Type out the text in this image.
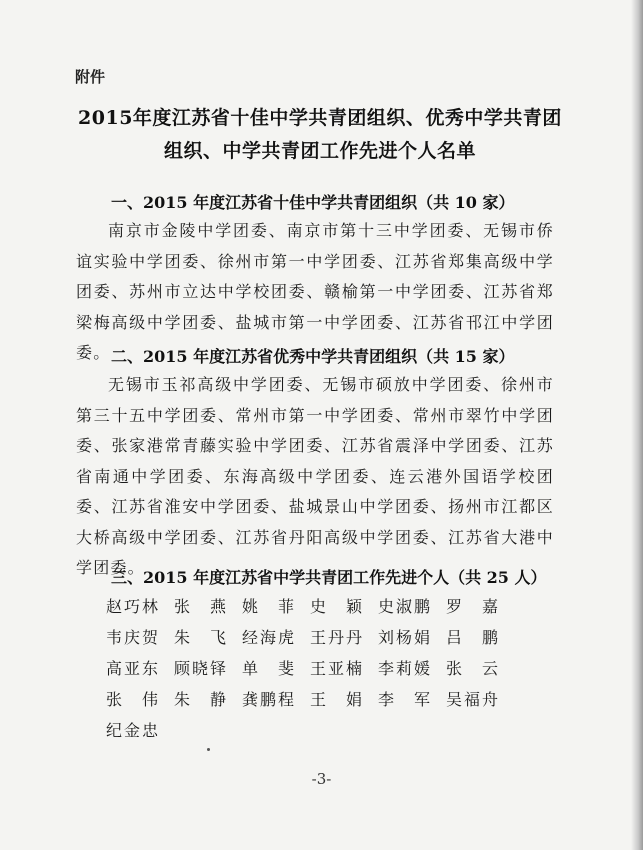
附件
2015年度江苏省十佳中学共青团组织、优秀中学共青团
组织、中学共青团工作先进个人名单
一、2015 年度江苏省十佳中学共青团组织（共 10 家）
南京市金陵中学团委、南京市第十三中学团委、无锡市侨谊实验中学团委、徐州市第一中学团委、江苏省郑集高级中学团委、苏州市立达中学校团委、赣榆第一中学团委、江苏省郑梁梅高级中学团委、盐城市第一中学团委、江苏省邗江中学团委。 二、2015 年度江苏省优秀中学共青团组织（共 15 家）
无锡市玉祁高级中学团委、无锡市硕放中学团委、徐州市第三十五中学团委、常州市第一中学团委、常州市翠竹中学团委、张家港常青藤实验中学团委、江苏省震泽中学团委、江苏省南通中学团委、东海高级中学团委、连云港外国语学校团委、江苏省淮安中学团委、盐城景山中学团委、扬州市江都区大桥高级中学团委、江苏省丹阳高级中学团委、江苏省大港中学团委。
三、2015 年度江苏省中学共青团工作先进个人（共 25 人）
赵巧林 张　燕 姚　菲 史　颖 史淑鹏 罗　嘉
韦庆贺 朱　飞 经海虎 王丹丹 刘杨娟 吕　鹏
高亚东 顾晓铎 单　斐 王亚楠 李莉媛 张　云
张　伟 朱　静 龚鹏程 王　娟 李　军 吴福舟
纪金忠
-3-
